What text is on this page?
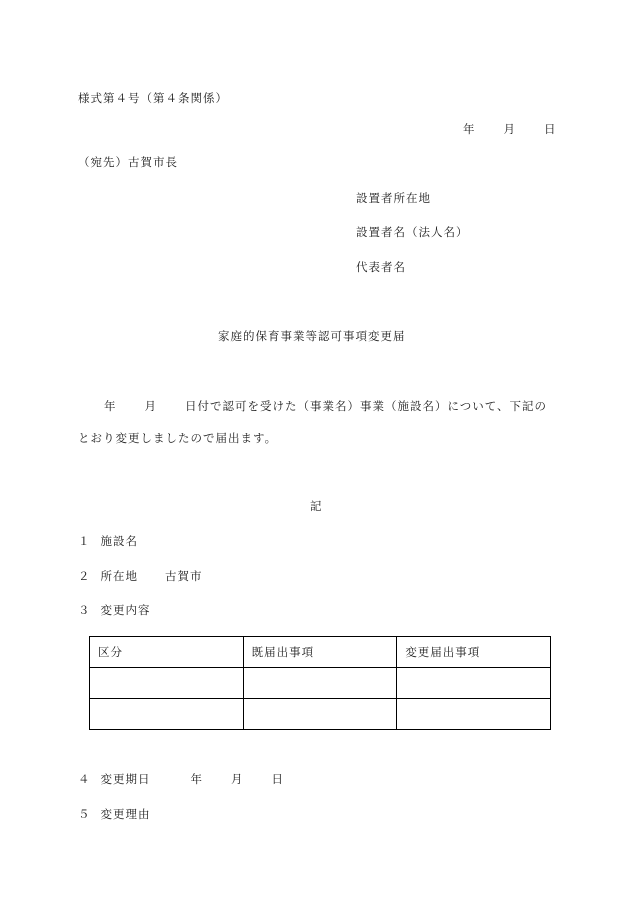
様式第４号（第４条関係）
年 月 日
（宛先）古賀市長
設置者所在地
設置者名（法人名）
代表者名
家庭的保育事業等認可事項変更届
年 月 日付で認可を受けた（事業名）事業（施設名）について、下記の
とおり変更しましたので届出ます。
記
１ 施設名
２ 所在地 古賀市
３ 変更内容
区分	既届出事項	変更届出事項

４ 変更期日	年 月 日
５ 変更理由
